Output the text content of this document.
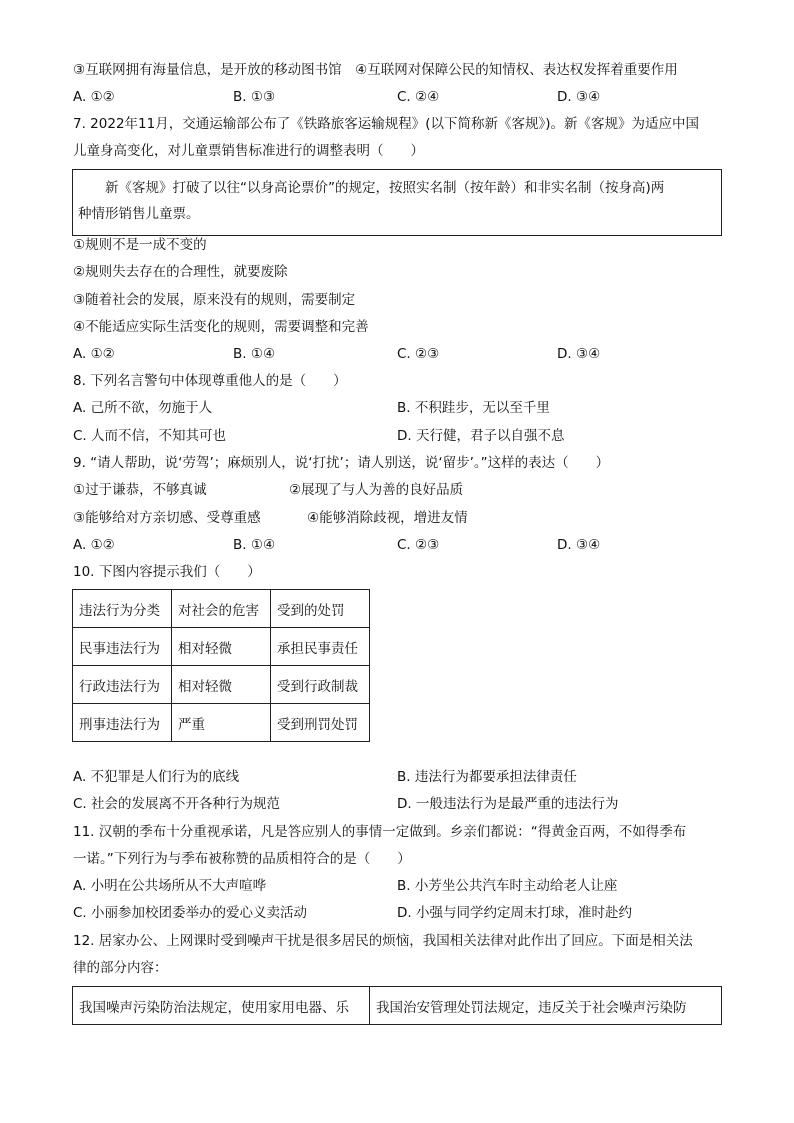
③互联网拥有海量信息，是开放的移动图书馆　④互联网对保障公民的知情权、表达权发挥着重要作用
A. ①②	B. ①③	C. ②④	D. ③④
7. 2022年11月，交通运输部公布了《铁路旅客运输规程》(以下简称新《客规》)。新《客规》为适应中国
儿童身高变化，对儿童票销售标准进行的调整表明（　　）
新《客规》打破了以往“以身高论票价”的规定，按照实名制（按年龄）和非实名制（按身高)两
种情形销售儿童票。
①规则不是一成不变的
②规则失去存在的合理性，就要废除
③随着社会的发展，原来没有的规则，需要制定
④不能适应实际生活变化的规则，需要调整和完善
A. ①②	B. ①④	C. ②③	D. ③④
8. 下列名言警句中体现尊重他人的是（　　）
A. 己所不欲，勿施于人	B. 不积跬步，无以至千里
C. 人而不信，不知其可也	D. 天行健，君子以自强不息
9. “请人帮助，说‘劳驾’；麻烦别人，说‘打扰’；请人别送，说‘留步’。”这样的表达（　　）
①过于谦恭，不够真诚	②展现了与人为善的良好品质
③能够给对方亲切感、受尊重感	④能够消除歧视，增进友情
A. ①②	B. ①④	C. ②③	D. ③④
10. 下图内容提示我们（　　）
违法行为分类	对社会的危害	受到的处罚
民事违法行为	相对轻微	承担民事责任
行政违法行为	相对轻微	受到行政制裁
刑事违法行为	严重	受到刑罚处罚
A. 不犯罪是人们行为的底线	B. 违法行为都要承担法律责任
C. 社会的发展离不开各种行为规范	D. 一般违法行为是最严重的违法行为
11. 汉朝的季布十分重视承诺，凡是答应别人的事情一定做到。乡亲们都说：“得黄金百两，不如得季布
一诺。”下列行为与季布被称赞的品质相符合的是（　　）
A. 小明在公共场所从不大声喧哗	B. 小芳坐公共汽车时主动给老人让座
C. 小丽参加校团委举办的爱心义卖活动	D. 小强与同学约定周末打球，准时赴约
12. 居家办公、上网课时受到噪声干扰是很多居民的烦恼，我国相关法律对此作出了回应。下面是相关法
律的部分内容：
我国噪声污染防治法规定，使用家用电器、乐	我国治安管理处罚法规定，违反关于社会噪声污染防
